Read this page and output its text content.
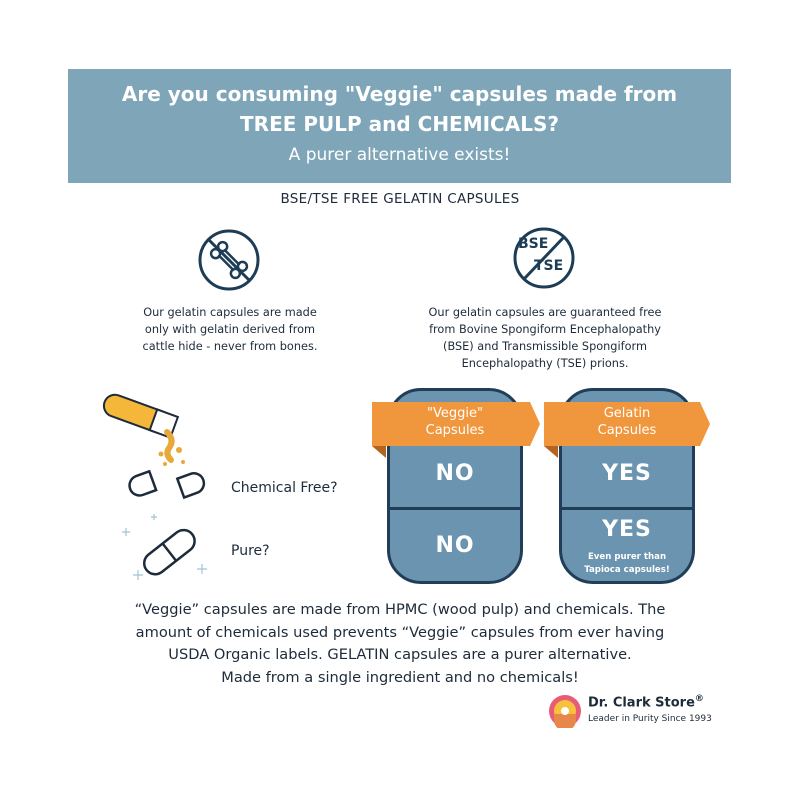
Are you consuming "Veggie" capsules made from
TREE PULP and CHEMICALS?
A purer alternative exists!
BSE/TSE FREE GELATIN CAPSULES
Our gelatin capsules are made
only with gelatin derived from
cattle hide - never from bones.
BSE
TSE
Our gelatin capsules are guaranteed free
from Bovine Spongiform Encephalopathy
(BSE) and Transmissible Spongiform
Encephalopathy (TSE) prions.
Chemical Free?
Pure?
NO
NO
YES
YES
Even purer than
Tapioca capsules!
"Veggie"
Capsules
Gelatin
Capsules
“Veggie” capsules are made from HPMC (wood pulp) and chemicals. The
amount of chemicals used prevents “Veggie” capsules from ever having
USDA Organic labels. GELATIN capsules are a purer alternative.
Made from a single ingredient and no chemicals!
Dr. Clark Store®
Leader in Purity Since 1993
